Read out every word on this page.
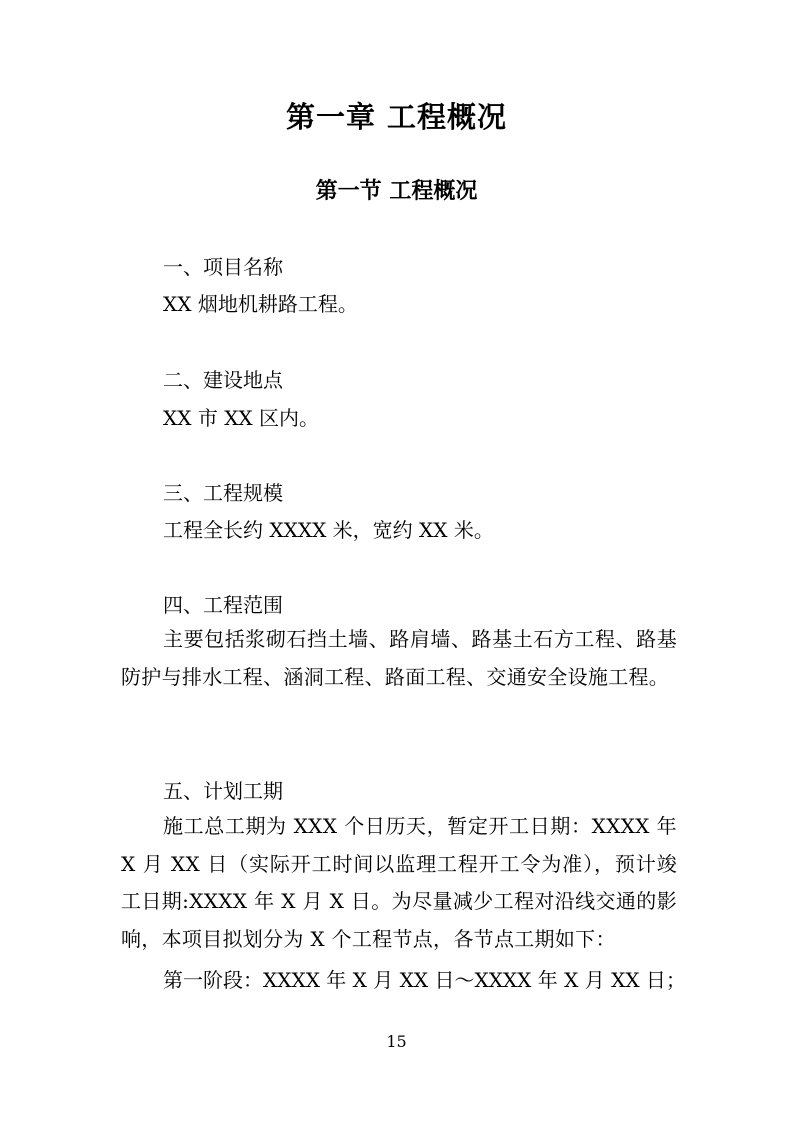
第一章 工程概况
第一节 工程概况
一、项目名称
XX 烟地机耕路工程。
二、建设地点
XX 市 XX 区内。
三、工程规模
工程全长约 XXXX 米，宽约 XX 米。
四、工程范围
主要包括浆砌石挡土墙、路肩墙、路基土石方工程、路基防护与排水工程、涵洞工程、路面工程、交通安全设施工程。
五、计划工期
施工总工期为 XXX 个日历天，暂定开工日期：XXXX 年 X 月 XX 日（实际开工时间以监理工程开工令为准），预计竣工日期:XXXX 年 X 月 X 日。为尽量减少工程对沿线交通的影响，本项目拟划分为 X 个工程节点，各节点工期如下：
第一阶段：XXXX 年 X 月 XX 日～XXXX 年 X 月 XX 日；
15
